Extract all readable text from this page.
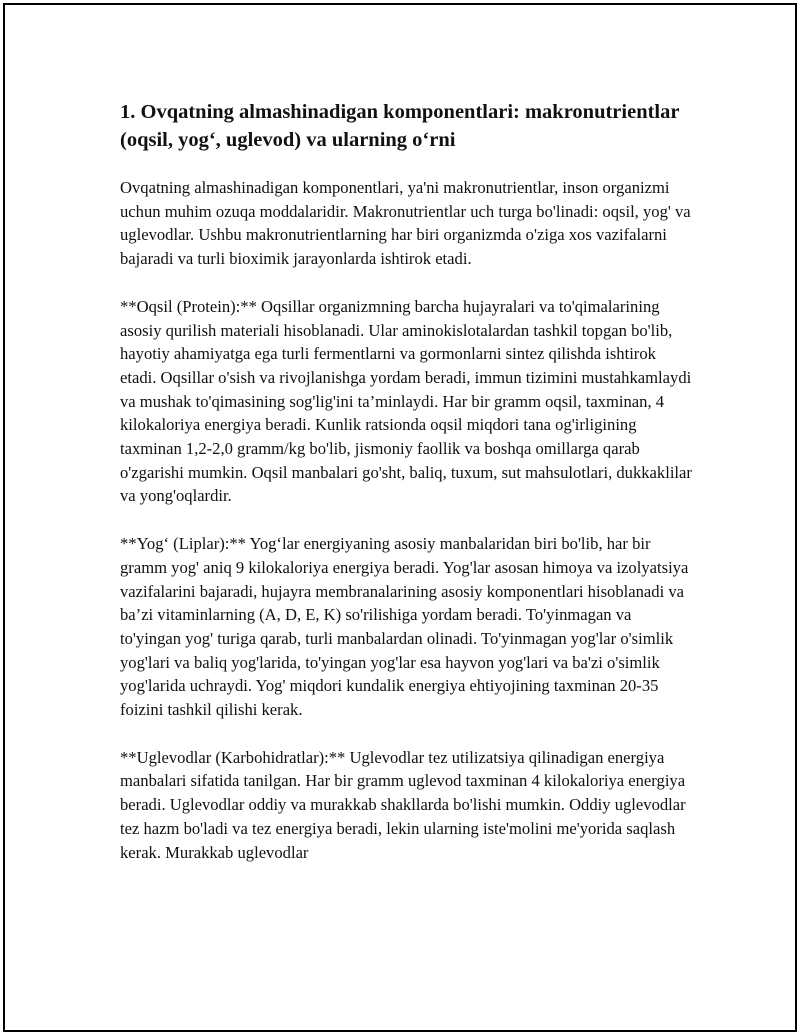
1. Ovqatning almashinadigan komponentlari: makronutrientlar (oqsil, yog‘, uglevod) va ularning o‘rni

Ovqatning almashinadigan komponentlari, ya'ni makronutrientlar, inson organizmi uchun muhim ozuqa moddalaridir. Makronutrientlar uch turga bo'linadi: oqsil, yog' va uglevodlar. Ushbu makronutrientlarning har biri organizmda o'ziga xos vazifalarni bajaradi va turli bioximik jarayonlarda ishtirok etadi.

**Oqsil (Protein):** Oqsillar organizmning barcha hujayralari va to'qimalarining asosiy qurilish materiali hisoblanadi. Ular aminokislotalardan tashkil topgan bo'lib, hayotiy ahamiyatga ega turli fermentlarni va gormonlarni sintez qilishda ishtirok etadi. Oqsillar o'sish va rivojlanishga yordam beradi, immun tizimini mustahkamlaydi va mushak to'qimasining sog'lig'ini ta’minlaydi. Har bir gramm oqsil, taxminan, 4 kilokaloriya energiya beradi. Kunlik ratsionda oqsil miqdori tana og'irligining taxminan 1,2-2,0 gramm/kg bo'lib, jismoniy faollik va boshqa omillarga qarab o'zgarishi mumkin. Oqsil manbalari go'sht, baliq, tuxum, sut mahsulotlari, dukkaklilar va yong'oqlardir.

**Yog‘ (Liplar):** Yog‘lar energiyaning asosiy manbalaridan biri bo'lib, har bir gramm yog' aniq 9 kilokaloriya energiya beradi. Yog'lar asosan himoya va izolyatsiya vazifalarini bajaradi, hujayra membranalarining asosiy komponentlari hisoblanadi va ba’zi vitaminlarning (A, D, E, K) so'rilishiga yordam beradi. To'yinmagan va to'yingan yog' turiga qarab, turli manbalardan olinadi. To'yinmagan yog'lar o'simlik yog'lari va baliq yog'larida, to'yingan yog'lar esa hayvon yog'lari va ba'zi o'simlik yog'larida uchraydi. Yog' miqdori kundalik energiya ehtiyojining taxminan 20-35 foizini tashkil qilishi kerak.

**Uglevodlar (Karbohidratlar):** Uglevodlar tez utilizatsiya qilinadigan energiya manbalari sifatida tanilgan. Har bir gramm uglevod taxminan 4 kilokaloriya energiya beradi. Uglevodlar oddiy va murakkab shakllarda bo'lishi mumkin. Oddiy uglevodlar tez hazm bo'ladi va tez energiya beradi, lekin ularning iste'molini me'yorida saqlash kerak. Murakkab uglevodlar
